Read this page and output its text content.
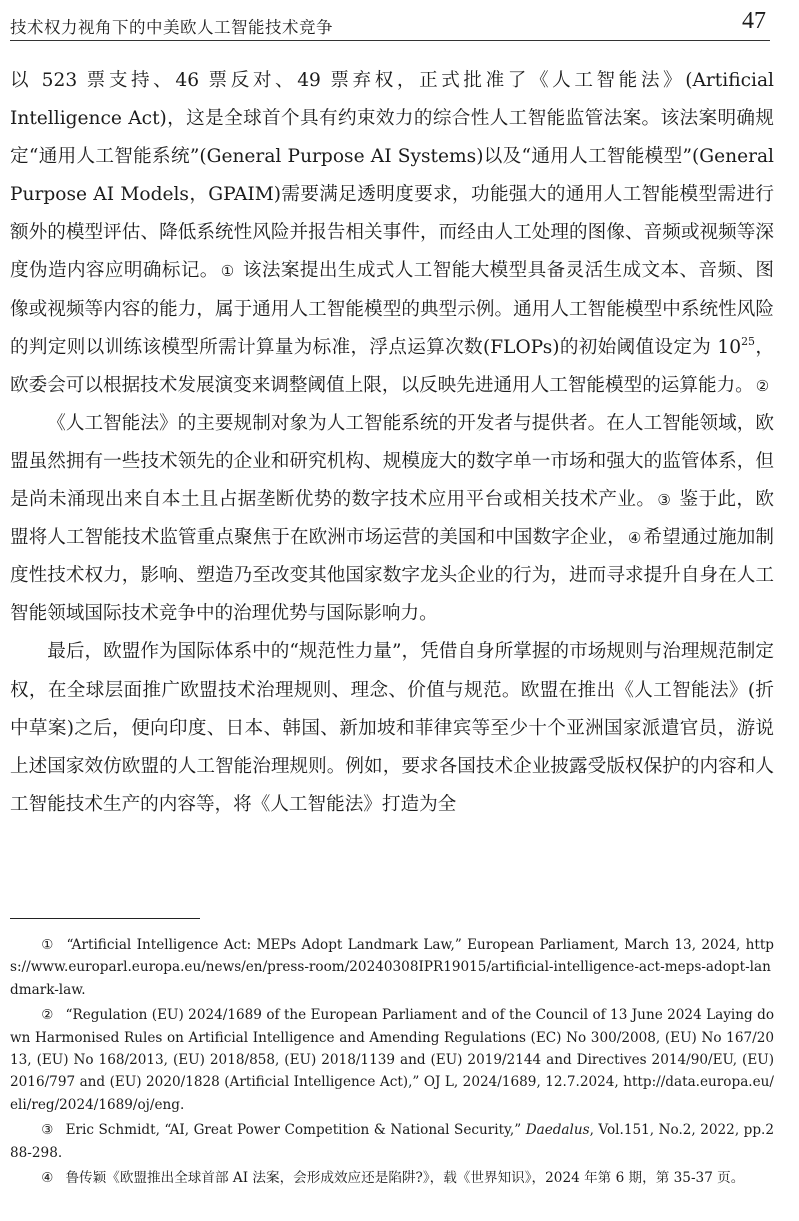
技术权力视角下的中美欧人工智能技术竞争	47

以 523 票支持、46 票反对、49 票弃权，正式批准了《人工智能法》(Artificial Intelligence Act)，这是全球首个具有约束效力的综合性人工智能监管法案。该法案明确规定“通用人工智能系统”(General Purpose AI Systems)以及“通用人工智能模型”(General Purpose AI Models，GPAIM)需要满足透明度要求，功能强大的通用人工智能模型需进行额外的模型评估、降低系统性风险并报告相关事件，而经由人工处理的图像、音频或视频等深度伪造内容应明确标记。 ① 该法案提出生成式人工智能大模型具备灵活生成文本、音频、图像或视频等内容的能力，属于通用人工智能模型的典型示例。通用人工智能模型中系统性风险的判定则以训练该模型所需计算量为标准，浮点运算次数(FLOPs)的初始阈值设定为 $10^{25}$，欧委会可以根据技术发展演变来调整阈值上限，以反映先进通用人工智能模型的运算能力。 ②

《人工智能法》的主要规制对象为人工智能系统的开发者与提供者。在人工智能领域，欧盟虽然拥有一些技术领先的企业和研究机构、规模庞大的数字单一市场和强大的监管体系，但是尚未涌现出来自本土且占据垄断优势的数字技术应用平台或相关技术产业。 ③ 鉴于此，欧盟将人工智能技术监管重点聚焦于在欧洲市场运营的美国和中国数字企业， ④ 希望通过施加制度性技术权力，影响、塑造乃至改变其他国家数字龙头企业的行为，进而寻求提升自身在人工智能领域国际技术竞争中的治理优势与国际影响力。

最后，欧盟作为国际体系中的“规范性力量”，凭借自身所掌握的市场规则与治理规范制定权，在全球层面推广欧盟技术治理规则、理念、价值与规范。欧盟在推出《人工智能法》(折中草案)之后，便向印度、日本、韩国、新加坡和菲律宾等至少十个亚洲国家派遣官员，游说上述国家效仿欧盟的人工智能治理规则。例如，要求各国技术企业披露受版权保护的内容和人工智能技术生产的内容等，将《人工智能法》打造为全

① “Artificial Intelligence Act: MEPs Adopt Landmark Law,” European Parliament, March 13, 2024, https://www.europarl.europa.eu/news/en/press-room/20240308IPR19015/artificial-intelligence-act-meps-adopt-landmark-law.

② “Regulation (EU) 2024/1689 of the European Parliament and of the Council of 13 June 2024 Laying down Harmonised Rules on Artificial Intelligence and Amending Regulations (EC) No 300/2008, (EU) No 167/2013, (EU) No 168/2013, (EU) 2018/858, (EU) 2018/1139 and (EU) 2019/2144 and Directives 2014/90/EU, (EU) 2016/797 and (EU) 2020/1828 (Artificial Intelligence Act),” OJ L, 2024/1689, 12.7.2024, http://data.europa.eu/eli/reg/2024/1689/oj/eng.

③ Eric Schmidt, “AI, Great Power Competition & National Security,” Daedalus, Vol.151, No.2, 2022, pp.288-298.

④ 鲁传颖《欧盟推出全球首部 AI 法案，会形成效应还是陷阱?》，载《世界知识》，2024 年第 6 期，第 35-37 页。
